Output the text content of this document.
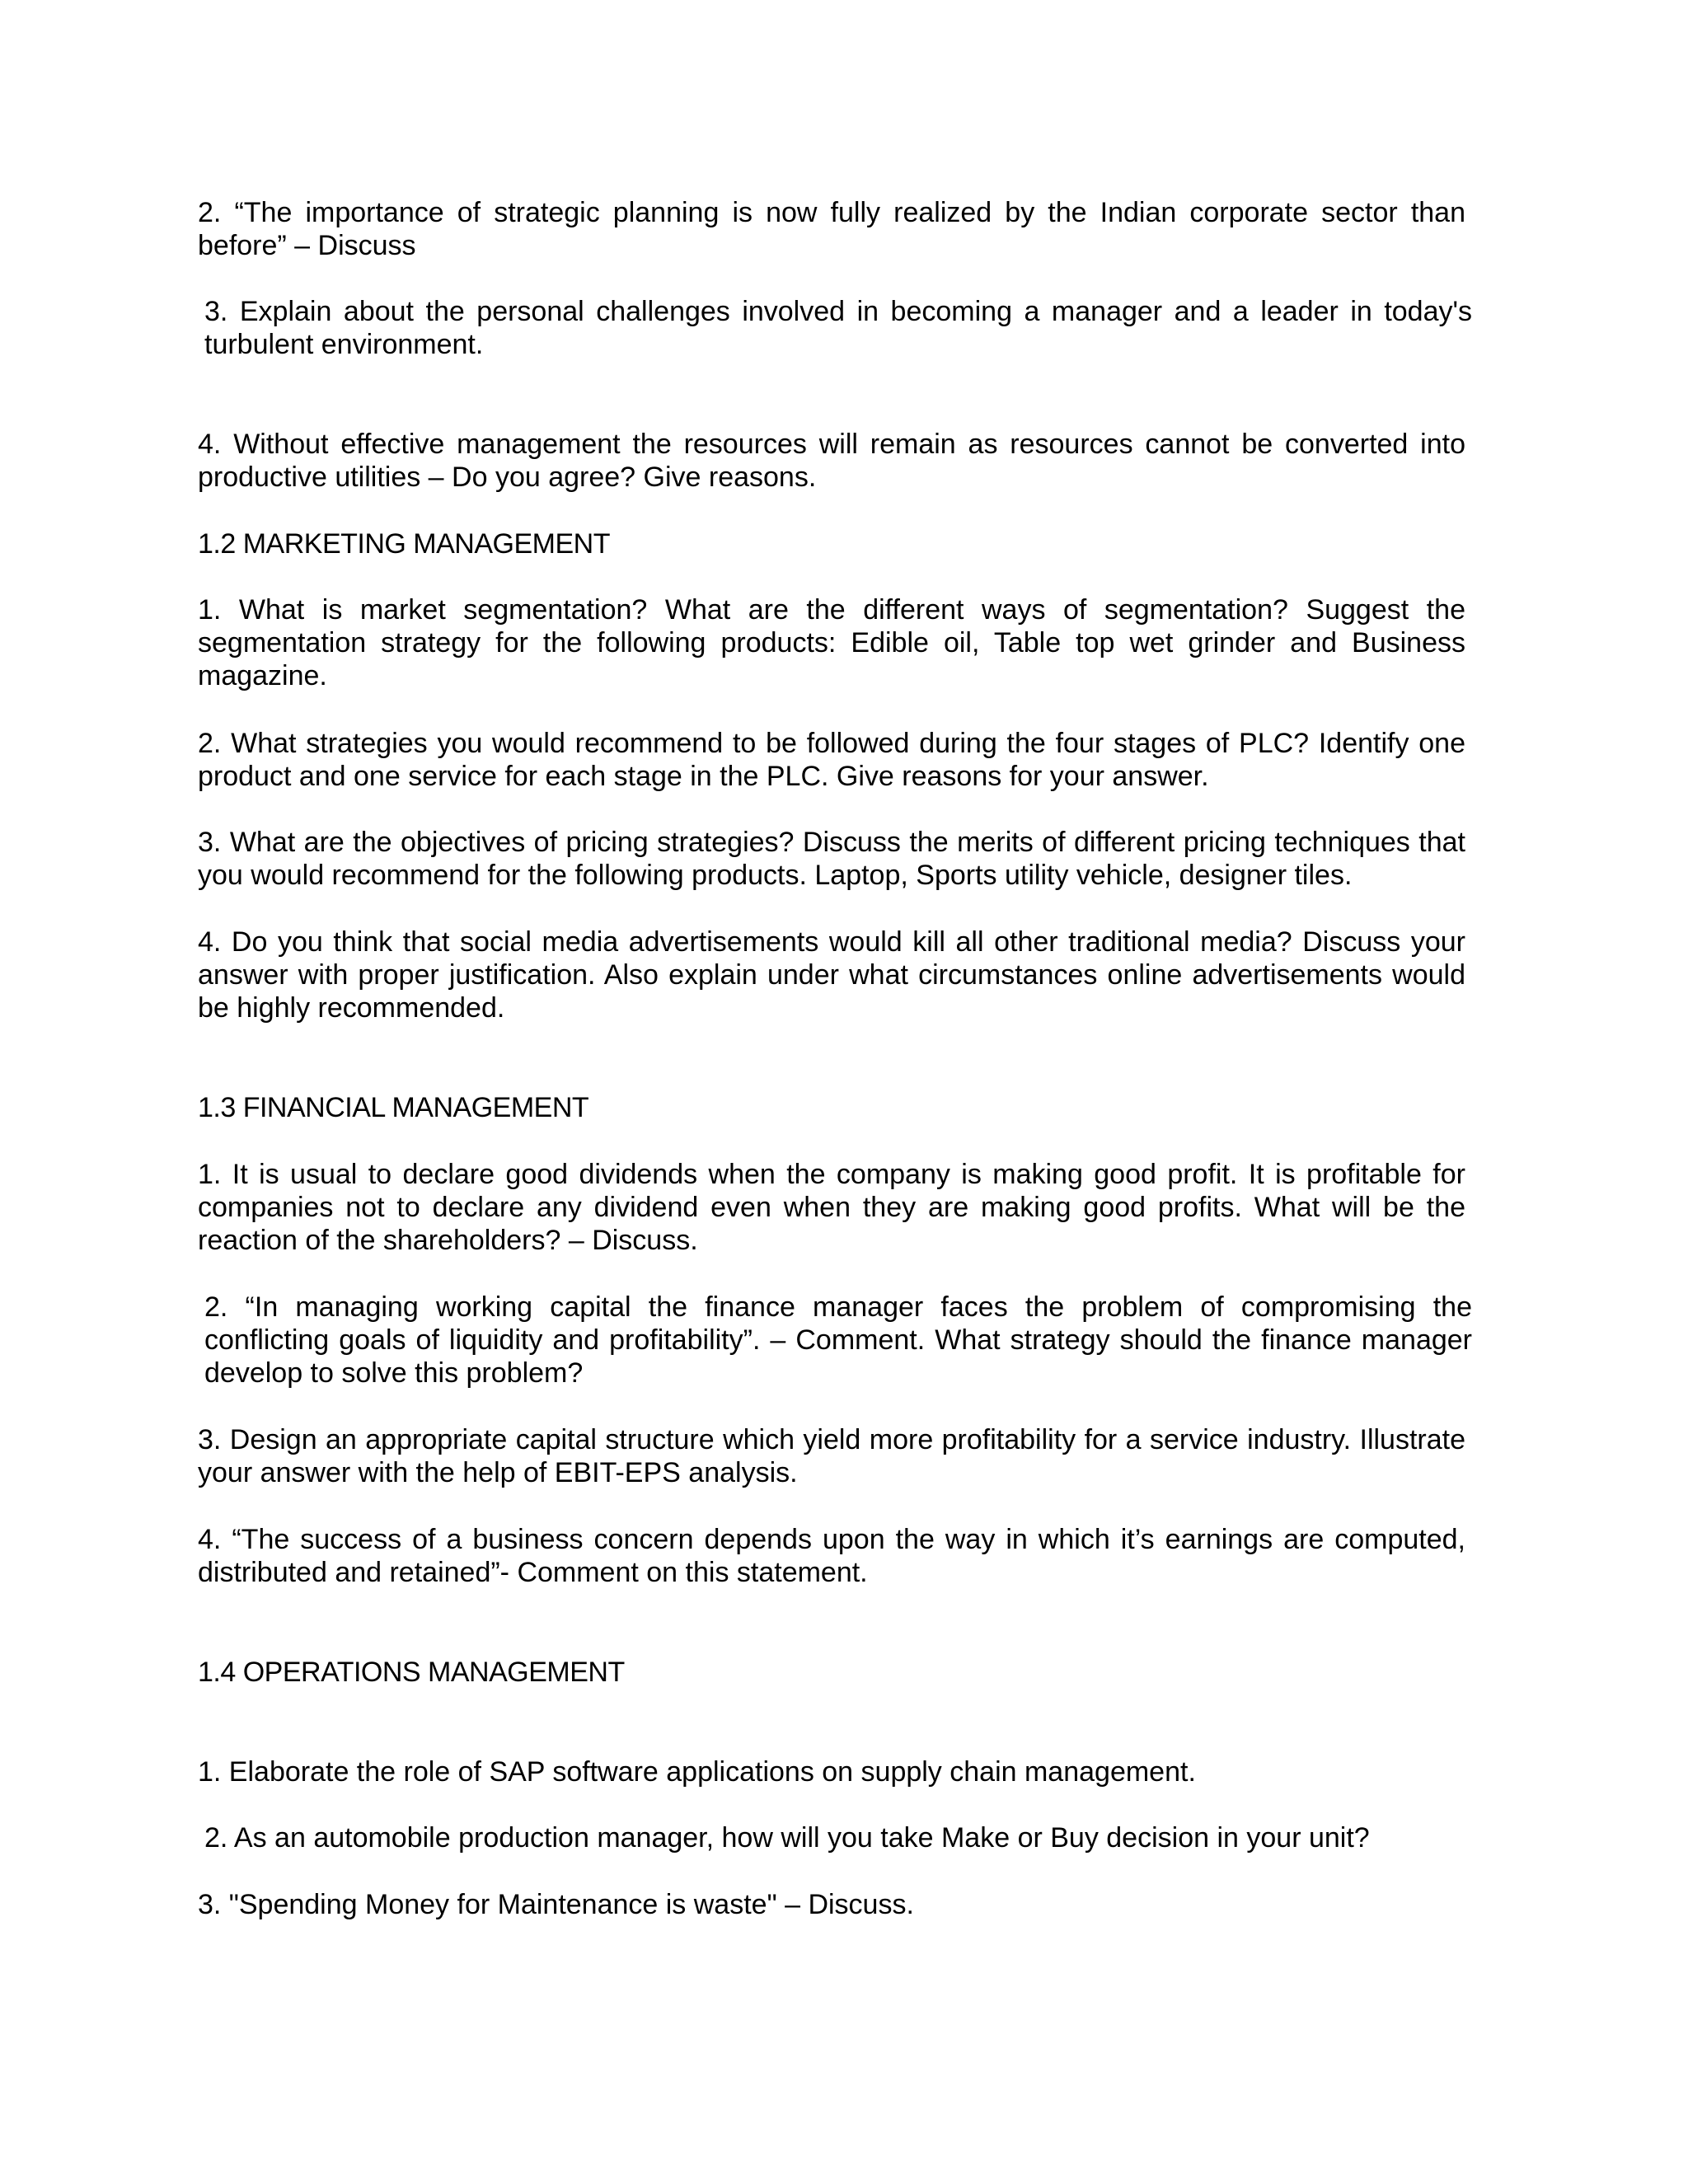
2. “The importance of strategic planning is now fully realized by the Indian corporate sector than before” – Discuss

3. Explain about the personal challenges involved in becoming a manager and a leader in today's turbulent environment.

4. Without effective management the resources will remain as resources cannot be converted into productive utilities – Do you agree? Give reasons.

1.2 MARKETING MANAGEMENT

1. What is market segmentation? What are the different ways of segmentation? Suggest the segmentation strategy for the following products: Edible oil, Table top wet grinder and Business magazine.

2. What strategies you would recommend to be followed during the four stages of PLC? Identify one product and one service for each stage in the PLC. Give reasons for your answer.

3. What are the objectives of pricing strategies? Discuss the merits of different pricing techniques that you would recommend for the following products. Laptop, Sports utility vehicle, designer tiles.

4. Do you think that social media advertisements would kill all other traditional media? Discuss your answer with proper justification. Also explain under what circumstances online advertisements would be highly recommended.

1.3 FINANCIAL MANAGEMENT

1. It is usual to declare good dividends when the company is making good profit. It is profitable for companies not to declare any dividend even when they are making good profits. What will be the reaction of the shareholders? – Discuss.

2. “In managing working capital the finance manager faces the problem of compromising the conflicting goals of liquidity and profitability”. – Comment. What strategy should the finance manager develop to solve this problem?

3. Design an appropriate capital structure which yield more profitability for a service industry. Illustrate your answer with the help of EBIT-EPS analysis.

4. “The success of a business concern depends upon the way in which it’s earnings are computed, distributed and retained”- Comment on this statement.

1.4 OPERATIONS MANAGEMENT

1. Elaborate the role of SAP software applications on supply chain management.

2. As an automobile production manager, how will you take Make or Buy decision in your unit?

3. "Spending Money for Maintenance is waste" – Discuss.
